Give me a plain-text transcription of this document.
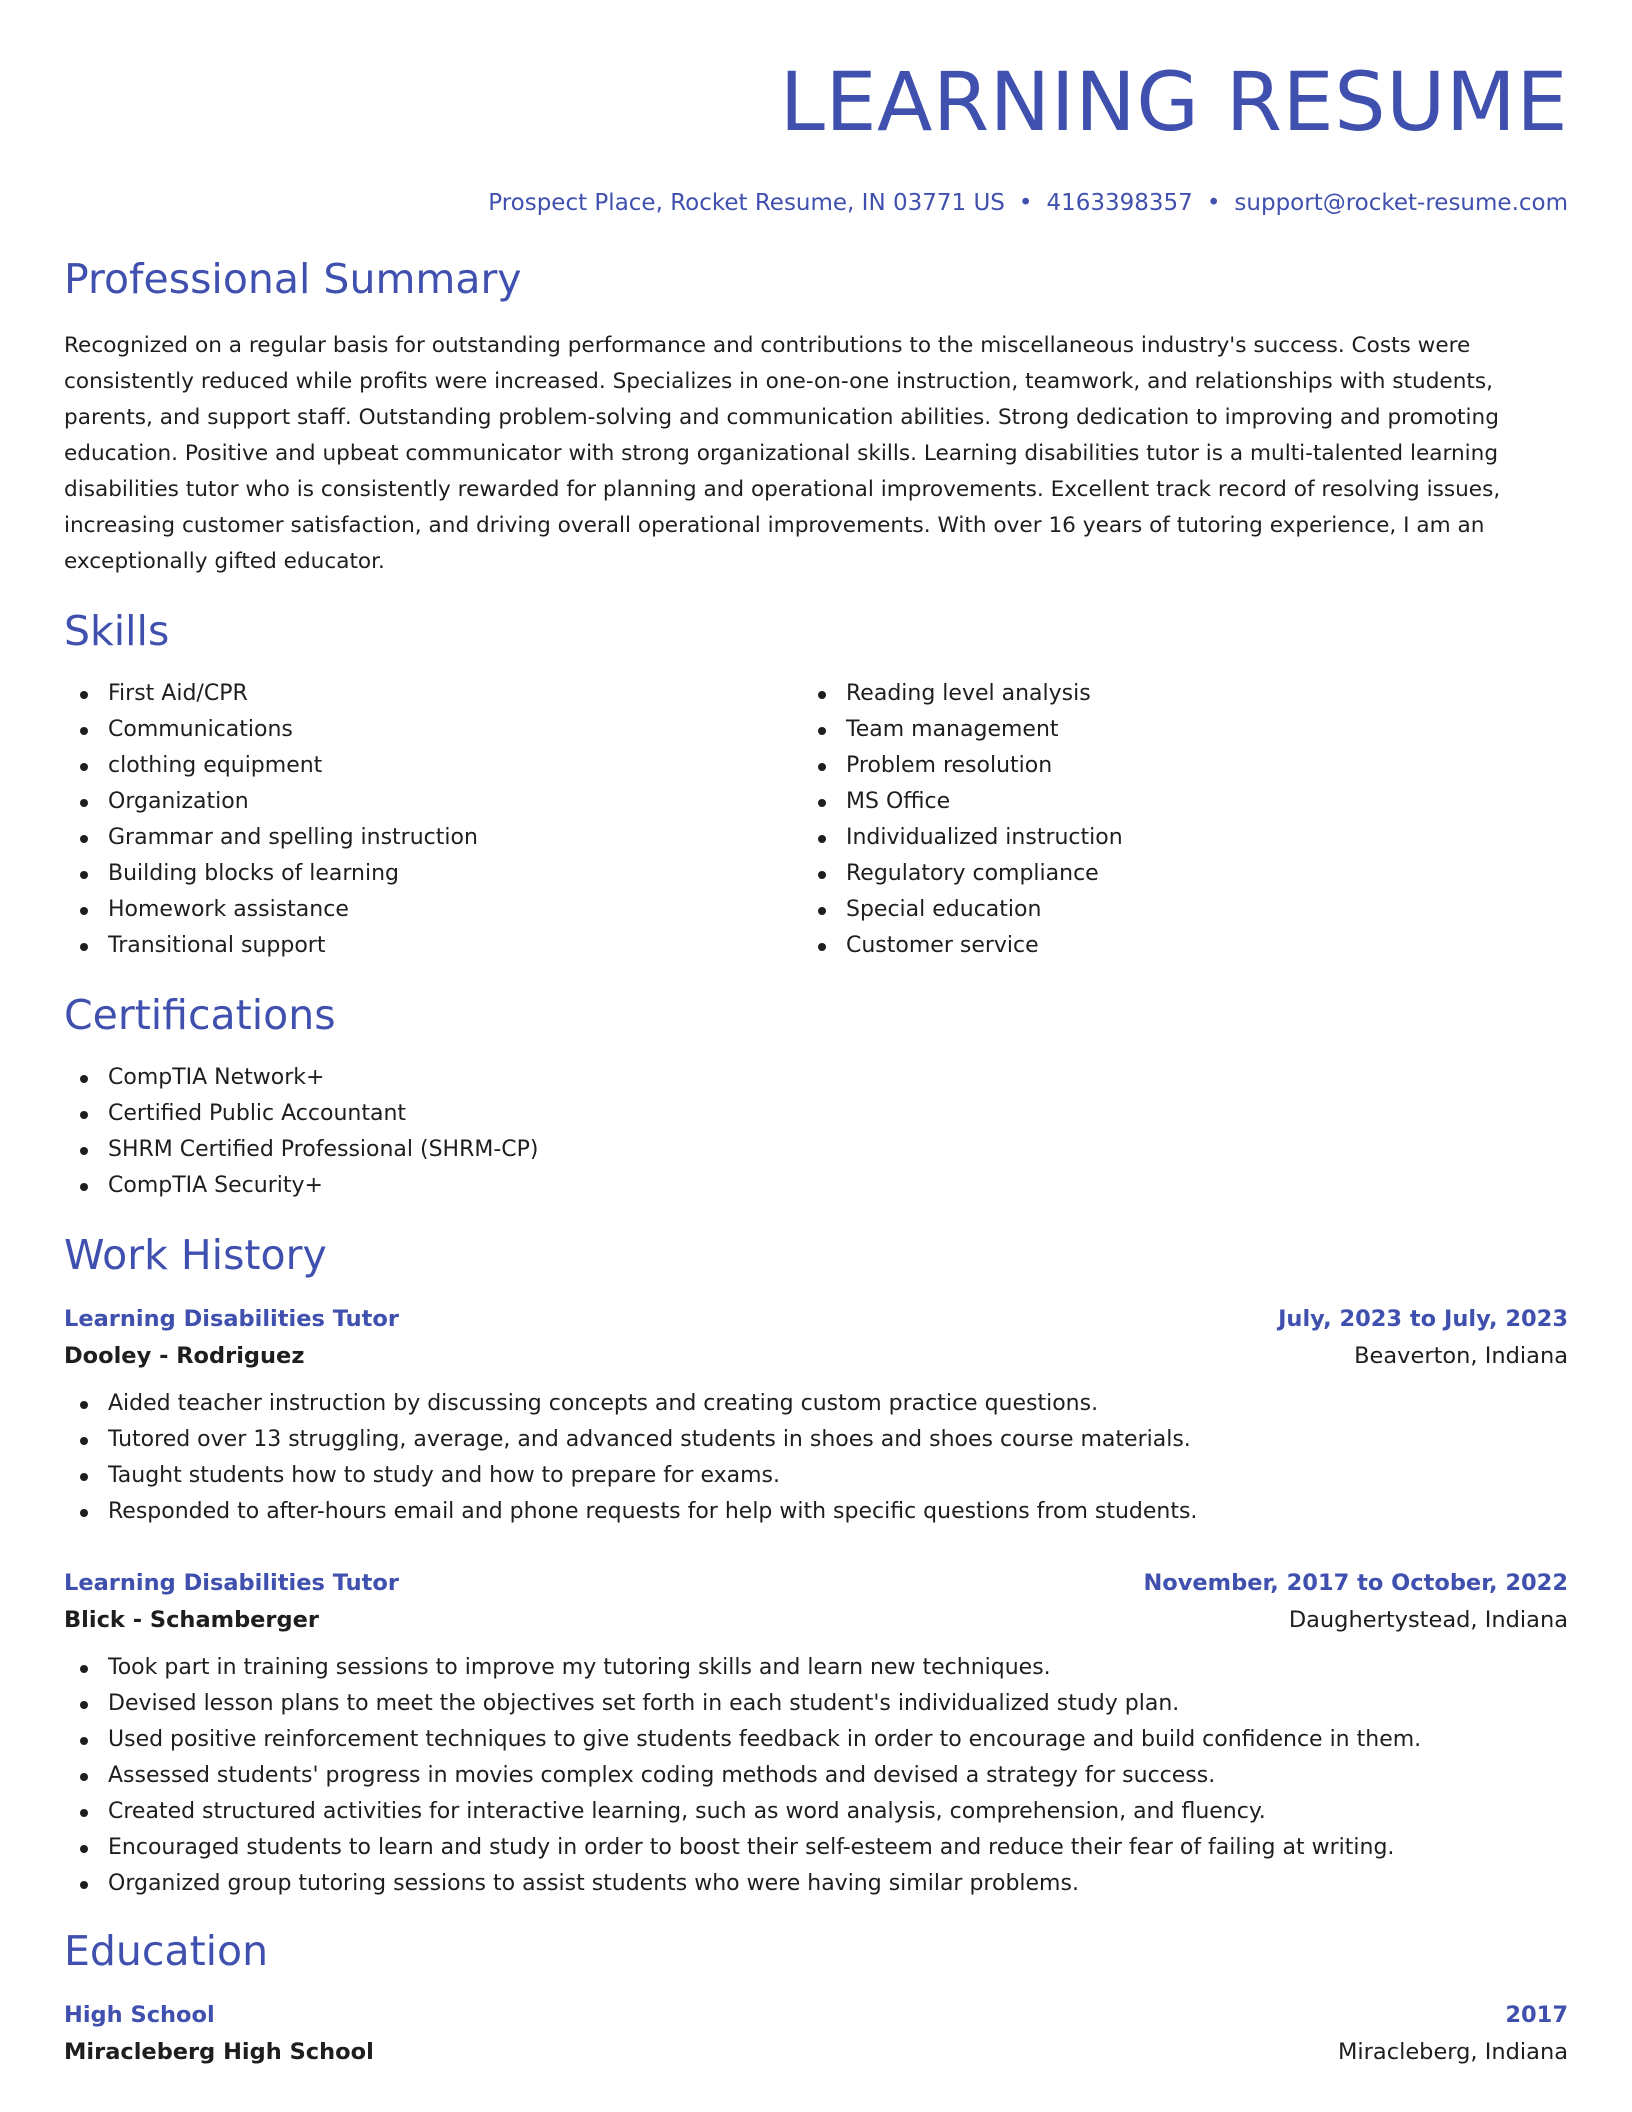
LEARNING RESUME
Prospect Place, Rocket Resume, IN 03771 US • 4163398357 • support@rocket-resume.com
Professional Summary

Recognized on a regular basis for outstanding performance and contributions to the miscellaneous industry's success. Costs were consistently reduced while profits were increased. Specializes in one-on-one instruction, teamwork, and relationships with students, parents, and support staff. Outstanding problem-solving and communication abilities. Strong dedication to improving and promoting education. Positive and upbeat communicator with strong organizational skills. Learning disabilities tutor is a multi-talented learning disabilities tutor who is consistently rewarded for planning and operational improvements. Excellent track record of resolving issues, increasing customer satisfaction, and driving overall operational improvements. With over 16 years of tutoring experience, I am an exceptionally gifted educator.

Skills
First Aid/CPR
Communications
clothing equipment
Organization
Grammar and spelling instruction
Building blocks of learning
Homework assistance
Transitional support
Reading level analysis
Team management
Problem resolution
MS Office
Individualized instruction
Regulatory compliance
Special education
Customer service
Certifications
CompTIA Network+
Certified Public Accountant
SHRM Certified Professional (SHRM-CP)
CompTIA Security+
Work History
Learning Disabilities Tutor	July, 2023 to July, 2023
Dooley - Rodriguez	Beaverton, Indiana
Aided teacher instruction by discussing concepts and creating custom practice questions.
Tutored over 13 struggling, average, and advanced students in shoes and shoes course materials.
Taught students how to study and how to prepare for exams.
Responded to after-hours email and phone requests for help with specific questions from students.
Learning Disabilities Tutor	November, 2017 to October, 2022
Blick - Schamberger	Daughertystead, Indiana
Took part in training sessions to improve my tutoring skills and learn new techniques.
Devised lesson plans to meet the objectives set forth in each student's individualized study plan.
Used positive reinforcement techniques to give students feedback in order to encourage and build confidence in them.
Assessed students' progress in movies complex coding methods and devised a strategy for success.
Created structured activities for interactive learning, such as word analysis, comprehension, and fluency.
Encouraged students to learn and study in order to boost their self-esteem and reduce their fear of failing at writing.
Organized group tutoring sessions to assist students who were having similar problems.
Education
High School	2017
Miracleberg High School	Miracleberg, Indiana
